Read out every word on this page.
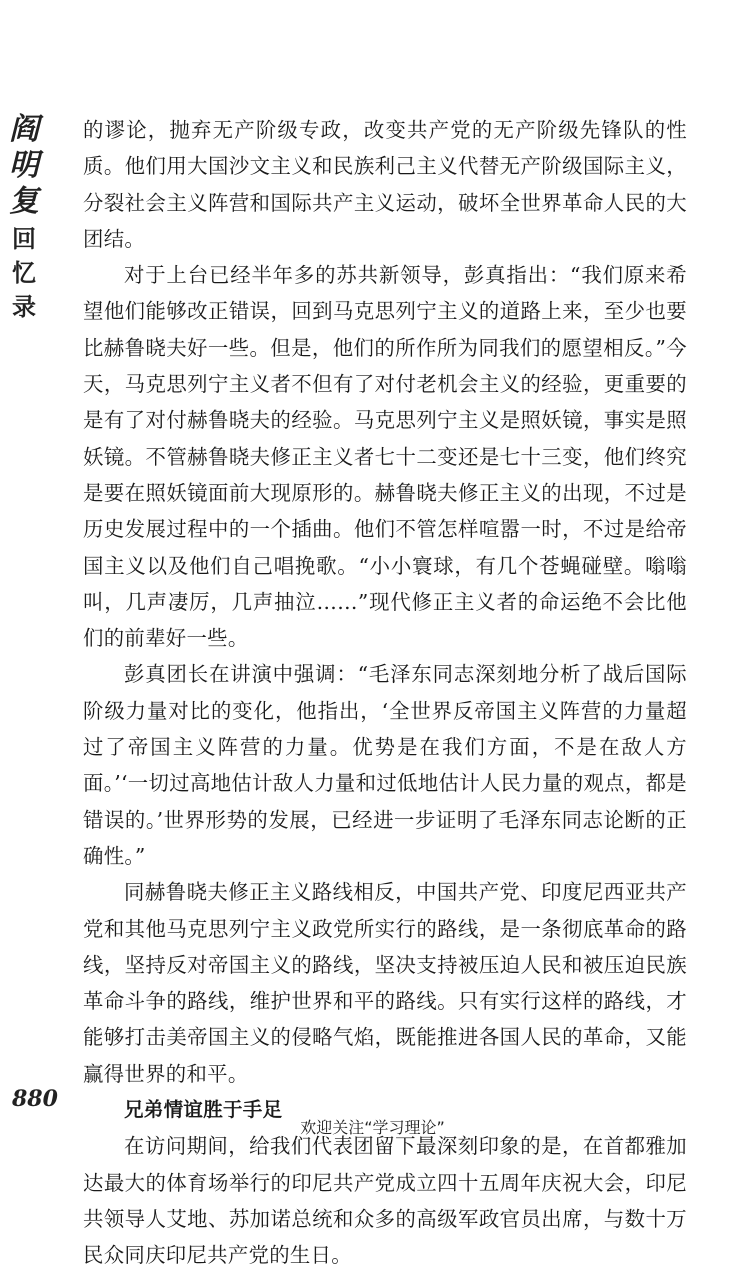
阎
明
复
回
忆
录

的谬论，抛弃无产阶级专政，改变共产党的无产阶级先锋队的性质。他们用大国沙文主义和民族利己主义代替无产阶级国际主义，分裂社会主义阵营和国际共产主义运动，破坏全世界革命人民的大团结。

对于上台已经半年多的苏共新领导，彭真指出：“我们原来希望他们能够改正错误，回到马克思列宁主义的道路上来，至少也要比赫鲁晓夫好一些。但是，他们的所作所为同我们的愿望相反。”今天，马克思列宁主义者不但有了对付老机会主义的经验，更重要的是有了对付赫鲁晓夫的经验。马克思列宁主义是照妖镜，事实是照妖镜。不管赫鲁晓夫修正主义者七十二变还是七十三变，他们终究是要在照妖镜面前大现原形的。赫鲁晓夫修正主义的出现，不过是历史发展过程中的一个插曲。他们不管怎样喧嚣一时，不过是给帝国主义以及他们自己唱挽歌。“小小寰球，有几个苍蝇碰壁。嗡嗡叫，几声凄厉，几声抽泣……”现代修正主义者的命运绝不会比他们的前辈好一些。

彭真团长在讲演中强调：“毛泽东同志深刻地分析了战后国际阶级力量对比的变化，他指出，‘全世界反帝国主义阵营的力量超过了帝国主义阵营的力量。优势是在我们方面，不是在敌人方面。’‘一切过高地估计敌人力量和过低地估计人民力量的观点，都是错误的。’世界形势的发展，已经进一步证明了毛泽东同志论断的正确性。”

同赫鲁晓夫修正主义路线相反，中国共产党、印度尼西亚共产党和其他马克思列宁主义政党所实行的路线，是一条彻底革命的路线，坚持反对帝国主义的路线，坚决支持被压迫人民和被压迫民族革命斗争的路线，维护世界和平的路线。只有实行这样的路线，才能够打击美帝国主义的侵略气焰，既能推进各国人民的革命，又能赢得世界的和平。

兄弟情谊胜于手足

在访问期间，给我们代表团留下最深刻印象的是，在首都雅加达最大的体育场举行的印尼共产党成立四十五周年庆祝大会，印尼共领导人艾地、苏加诺总统和众多的高级军政官员出席，与数十万民众同庆印尼共产党的生日。

880
欢迎关注“学习理论”
